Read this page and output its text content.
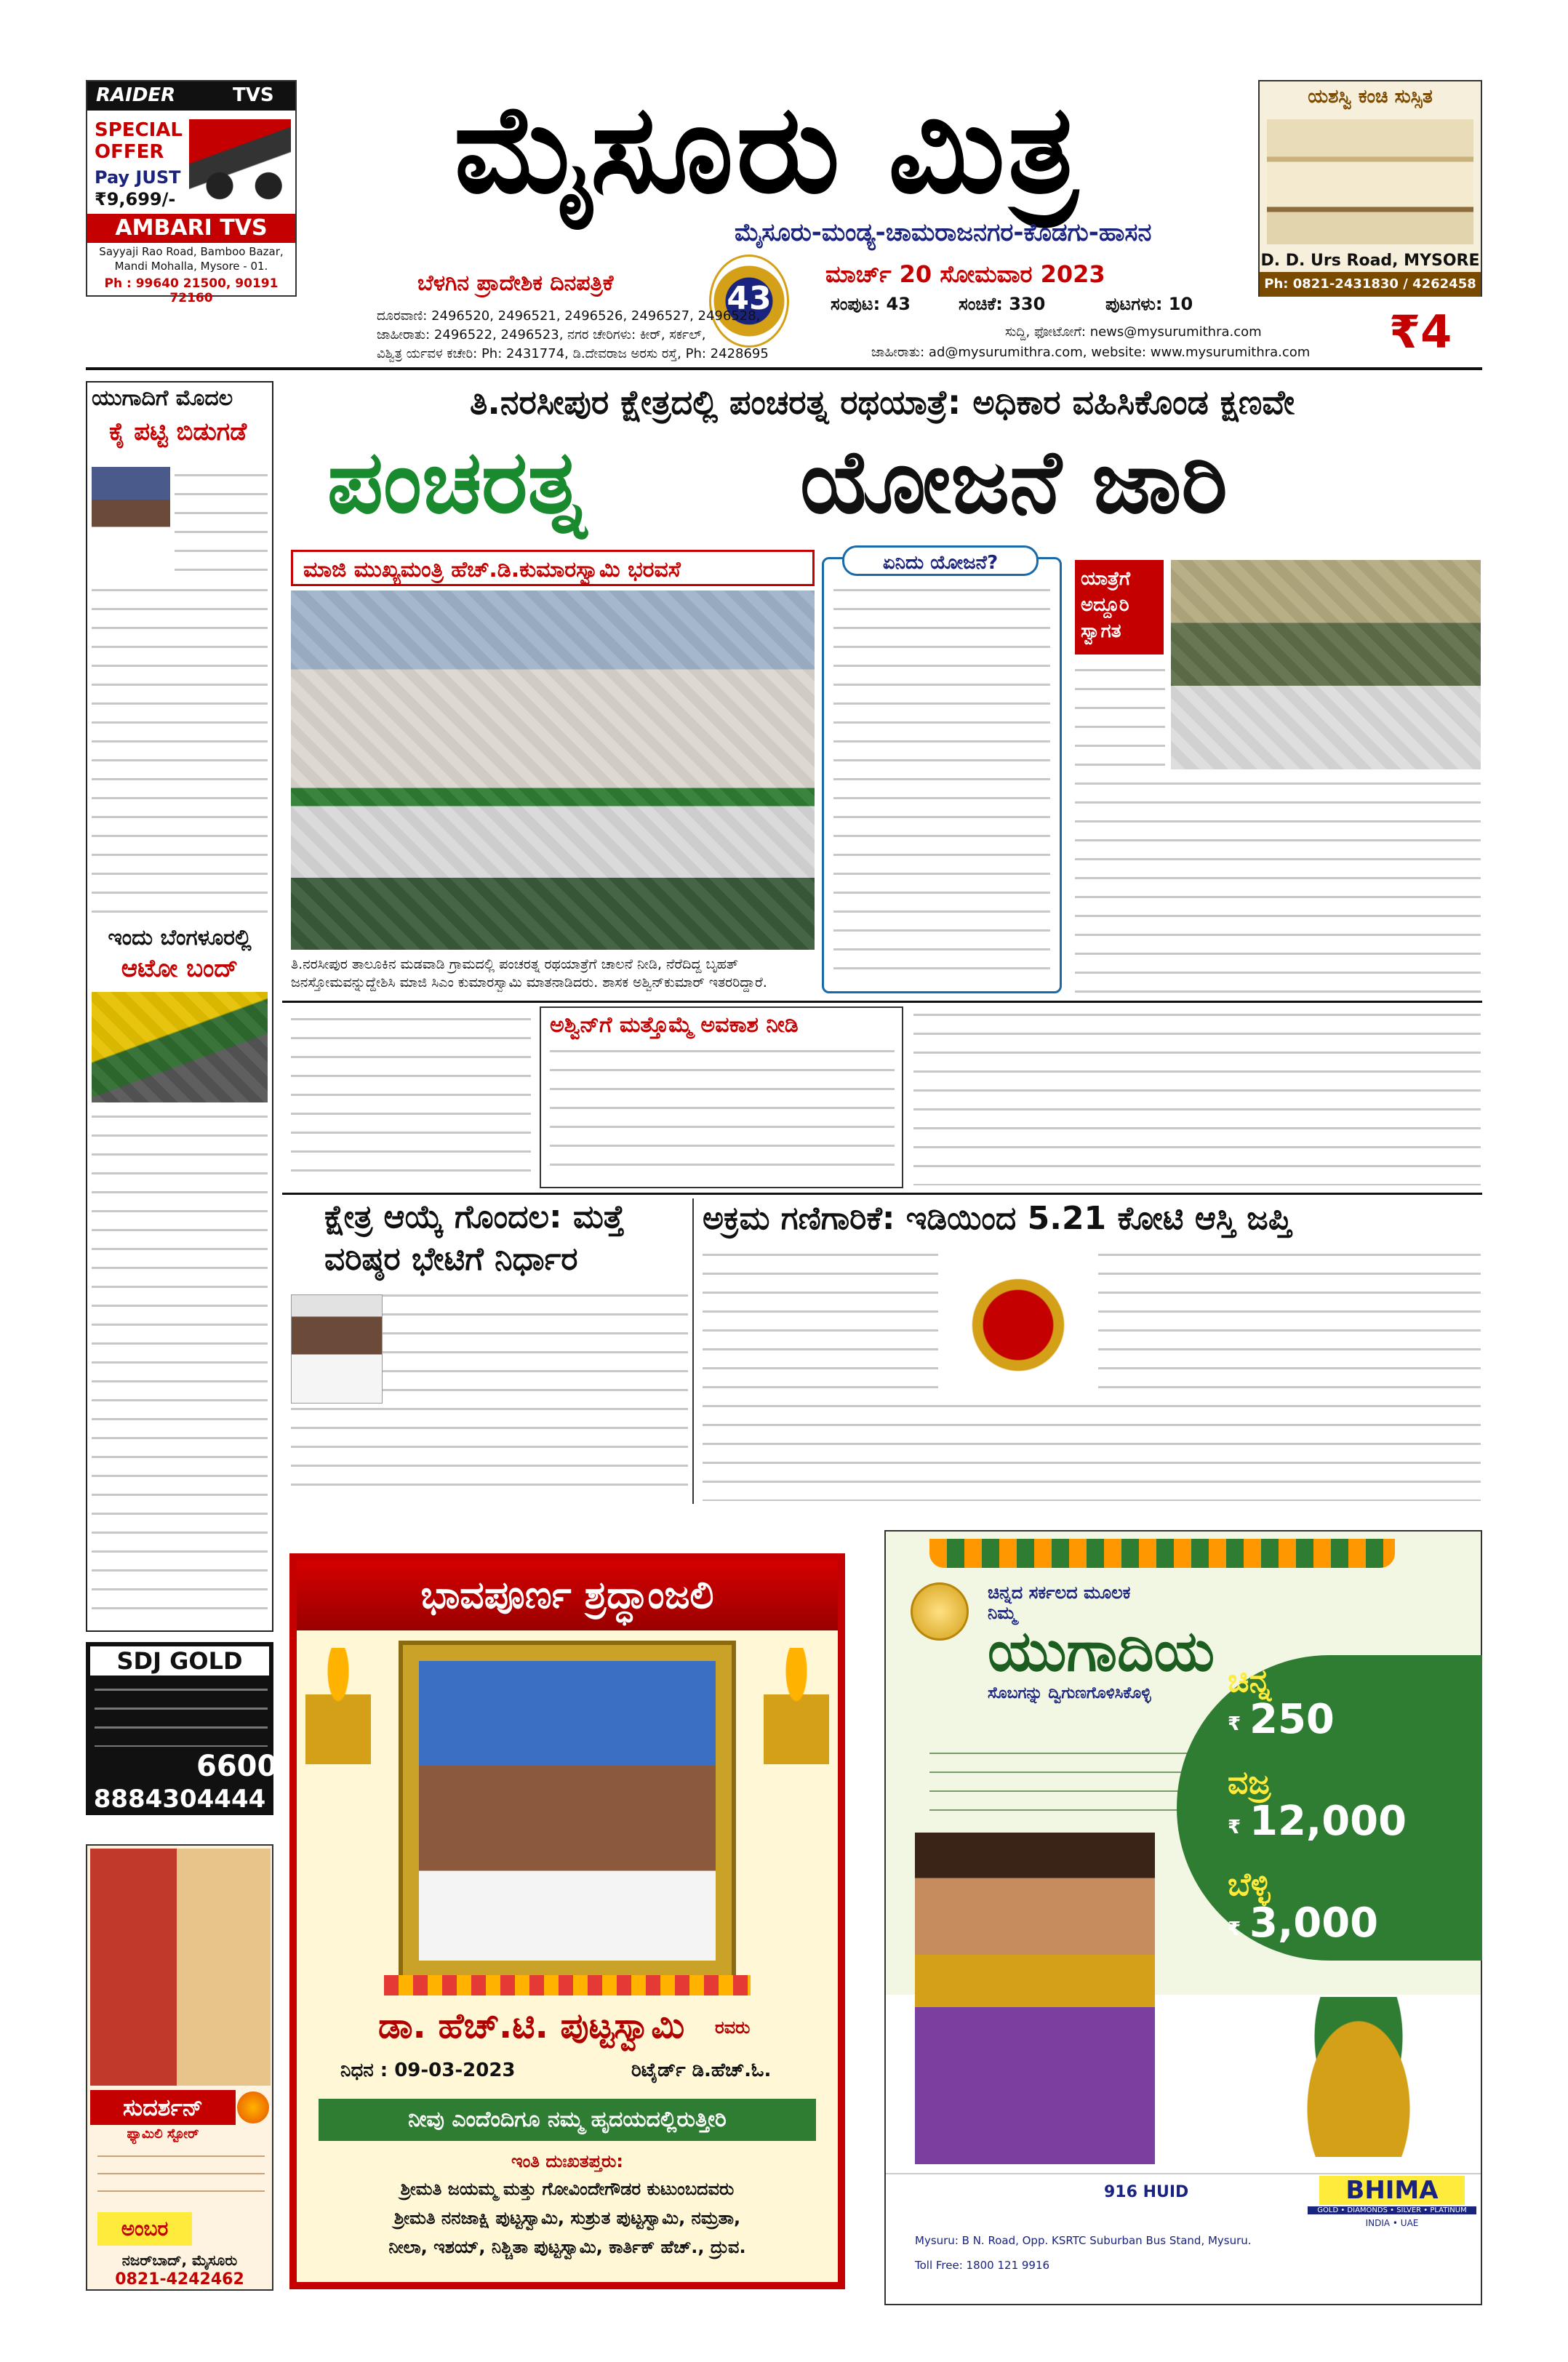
RAIDER	TVS
SPECIAL OFFER
Pay JUST
₹9,699/-
AMBARI TVS
Sayyaji Rao Road, Bamboo Bazar, Mandi Mohalla, Mysore - 01.
Ph : 99640 21500, 90191 72160
ಮೈಸೂರು ಮಿತ್ರ
ಮೈಸೂರು-ಮಂಡ್ಯ-ಚಾಮರಾಜನಗರ-ಕೊಡಗು-ಹಾಸನ
ಬೆಳಗಿನ ಪ್ರಾದೇಶಿಕ ದಿನಪತ್ರಿಕೆ	43
ಮಾರ್ಚ್ 20 ಸೋಮವಾರ 2023
ಸಂಪುಟ: 43	ಸಂಚಿಕೆ: 330	ಪುಟಗಳು: 10
ದೂರವಾಣಿ: 2496520, 2496521, 2496526, 2496527, 2496528,
ಜಾಹೀರಾತು: 2496522, 2496523, ನಗರ ಚೇರಿಗಳು: ಕೀರ್, ಸರ್ಕಲ್,
ವಿಶ್ವಿತ್ರ ರ್ಯವಳ ಕಚೇರಿ: Ph: 2431774, ಡಿ.ದೇವರಾಜ ಅರಸು ರಸ್ತೆ, Ph: 2428695
ಸುದ್ದಿ, ಫೋಟೋಗೆ: news@mysurumithra.com
ಜಾಹೀರಾತು: ad@mysurumithra.com, website: www.mysurumithra.com ₹4
ಯಶಸ್ವಿ ಕಂಚಿ ಸುಸ್ಸಿತ
D. D. Urs Road, MYSORE
Ph: 0821-2431830 / 4262458
ಯುಗಾದಿಗೆ ಮೊದಲ
ಕೈ ಪಟ್ಟಿ ಬಿಡುಗಡೆ
ಇಂದು ಬೆಂಗಳೂರಲ್ಲಿ
ಆಟೋ ಬಂದ್
ತಿ.ನರಸೀಪುರ ಕ್ಷೇತ್ರದಲ್ಲಿ ಪಂಚರತ್ನ ರಥಯಾತ್ರೆ: ಅಧಿಕಾರ ವಹಿಸಿಕೊಂಡ ಕ್ಷಣವೇ
ಪಂಚರತ್ನ ಯೋಜನೆ ಜಾರಿ
ಮಾಜಿ ಮುಖ್ಯಮಂತ್ರಿ ಹೆಚ್.ಡಿ.ಕುಮಾರಸ್ವಾಮಿ ಭರವಸೆ
ತಿ.ನರಸೀಪುರ ತಾಲೂಕಿನ ಮಡವಾಡಿ ಗ್ರಾಮದಲ್ಲಿ ಪಂಚರತ್ನ ರಥಯಾತ್ರೆಗೆ ಚಾಲನೆ ನೀಡಿ, ನೆರೆದಿದ್ದ ಬೃಹತ್ ಜನಸ್ತೋಮವನ್ನುದ್ದೇಶಿಸಿ ಮಾಜಿ ಸಿಎಂ ಕುಮಾರಸ್ವಾಮಿ ಮಾತನಾಡಿದರು. ಶಾಸಕ ಅಶ್ವಿನ್‌ಕುಮಾರ್ ಇತರರಿದ್ದಾರೆ.
ಏನಿದು ಯೋಜನೆ?
ಯಾತ್ರೆಗೆ ಅದ್ದೂರಿ ಸ್ವಾಗತ
ಅಶ್ವಿನ್‌ಗೆ ಮತ್ತೊಮ್ಮೆ ಅವಕಾಶ ನೀಡಿ
ಕ್ಷೇತ್ರ ಆಯ್ಕೆ ಗೊಂದಲ: ಮತ್ತೆ
ವರಿಷ್ಠರ ಭೇಟಿಗೆ ನಿರ್ಧಾರ
ಅಕ್ರಮ ಗಣಿಗಾರಿಕೆ: ಇಡಿಯಿಂದ 5.21 ಕೋಟಿ ಆಸ್ತಿ ಜಪ್ತಿ
ಭಾವಪೂರ್ಣ ಶ್ರದ್ಧಾಂಜಲಿ
ಡಾ. ಹೆಚ್.ಟಿ. ಪುಟ್ಟಸ್ವಾಮಿ ರವರು
ನಿಧನ : 09-03-2023	ರಿಟೈರ್ಡ್ ಡಿ.ಹೆಚ್.ಓ.
ನೀವು ಎಂದೆಂದಿಗೂ ನಮ್ಮ ಹೃದಯದಲ್ಲಿರುತ್ತೀರಿ
ಇಂತಿ ದುಃಖತಪ್ತರು:
ಶ್ರೀಮತಿ ಜಯಮ್ಮ ಮತ್ತು ಗೋವಿಂದೇಗೌಡರ ಕುಟುಂಬದವರು
ಶ್ರೀಮತಿ ನನಜಾಕ್ಷಿ ಪುಟ್ಟಸ್ವಾಮಿ, ಸುಶ್ರುತ ಪುಟ್ಟಸ್ವಾಮಿ, ನಮ್ರತಾ,
ನೀಲಾ, ಇಶಯ್, ನಿಶ್ಚಿತಾ ಪುಟ್ಟಸ್ವಾಮಿ, ಕಾರ್ತಿಕ್ ಹೆಚ್., ದ್ರುವ.
ಚಿನ್ನದ ಸರ್ಕಲದ ಮೂಲಕ ನಿಮ್ಮ
ಯುಗಾದಿಯ
ಸೊಬಗನ್ನು ದ್ವಿಗುಣಗೊಳಿಸಿಕೊಳ್ಳಿ	ಚಿನ್ನ
₹ 250
ವಜ್ರ
₹ 12,000
ಬೆಳ್ಳಿ
₹ 3,000
916 HUID	BHIMA
GOLD • DIAMONDS • SILVER • PLATINUM
INDIA • UAE
Mysuru: B N. Road, Opp. KSRTC Suburban Bus Stand, Mysuru.
Toll Free: 1800 121 9916
SDJ GOLD
6600
8884304444
ಸುದರ್ಶನ್
ಫ್ಯಾಮಿಲಿ ಸ್ಟೋರ್
ಅಂಬರ
ನಜರ್‌ಬಾದ್, ಮೈಸೂರು
0821-4242462
